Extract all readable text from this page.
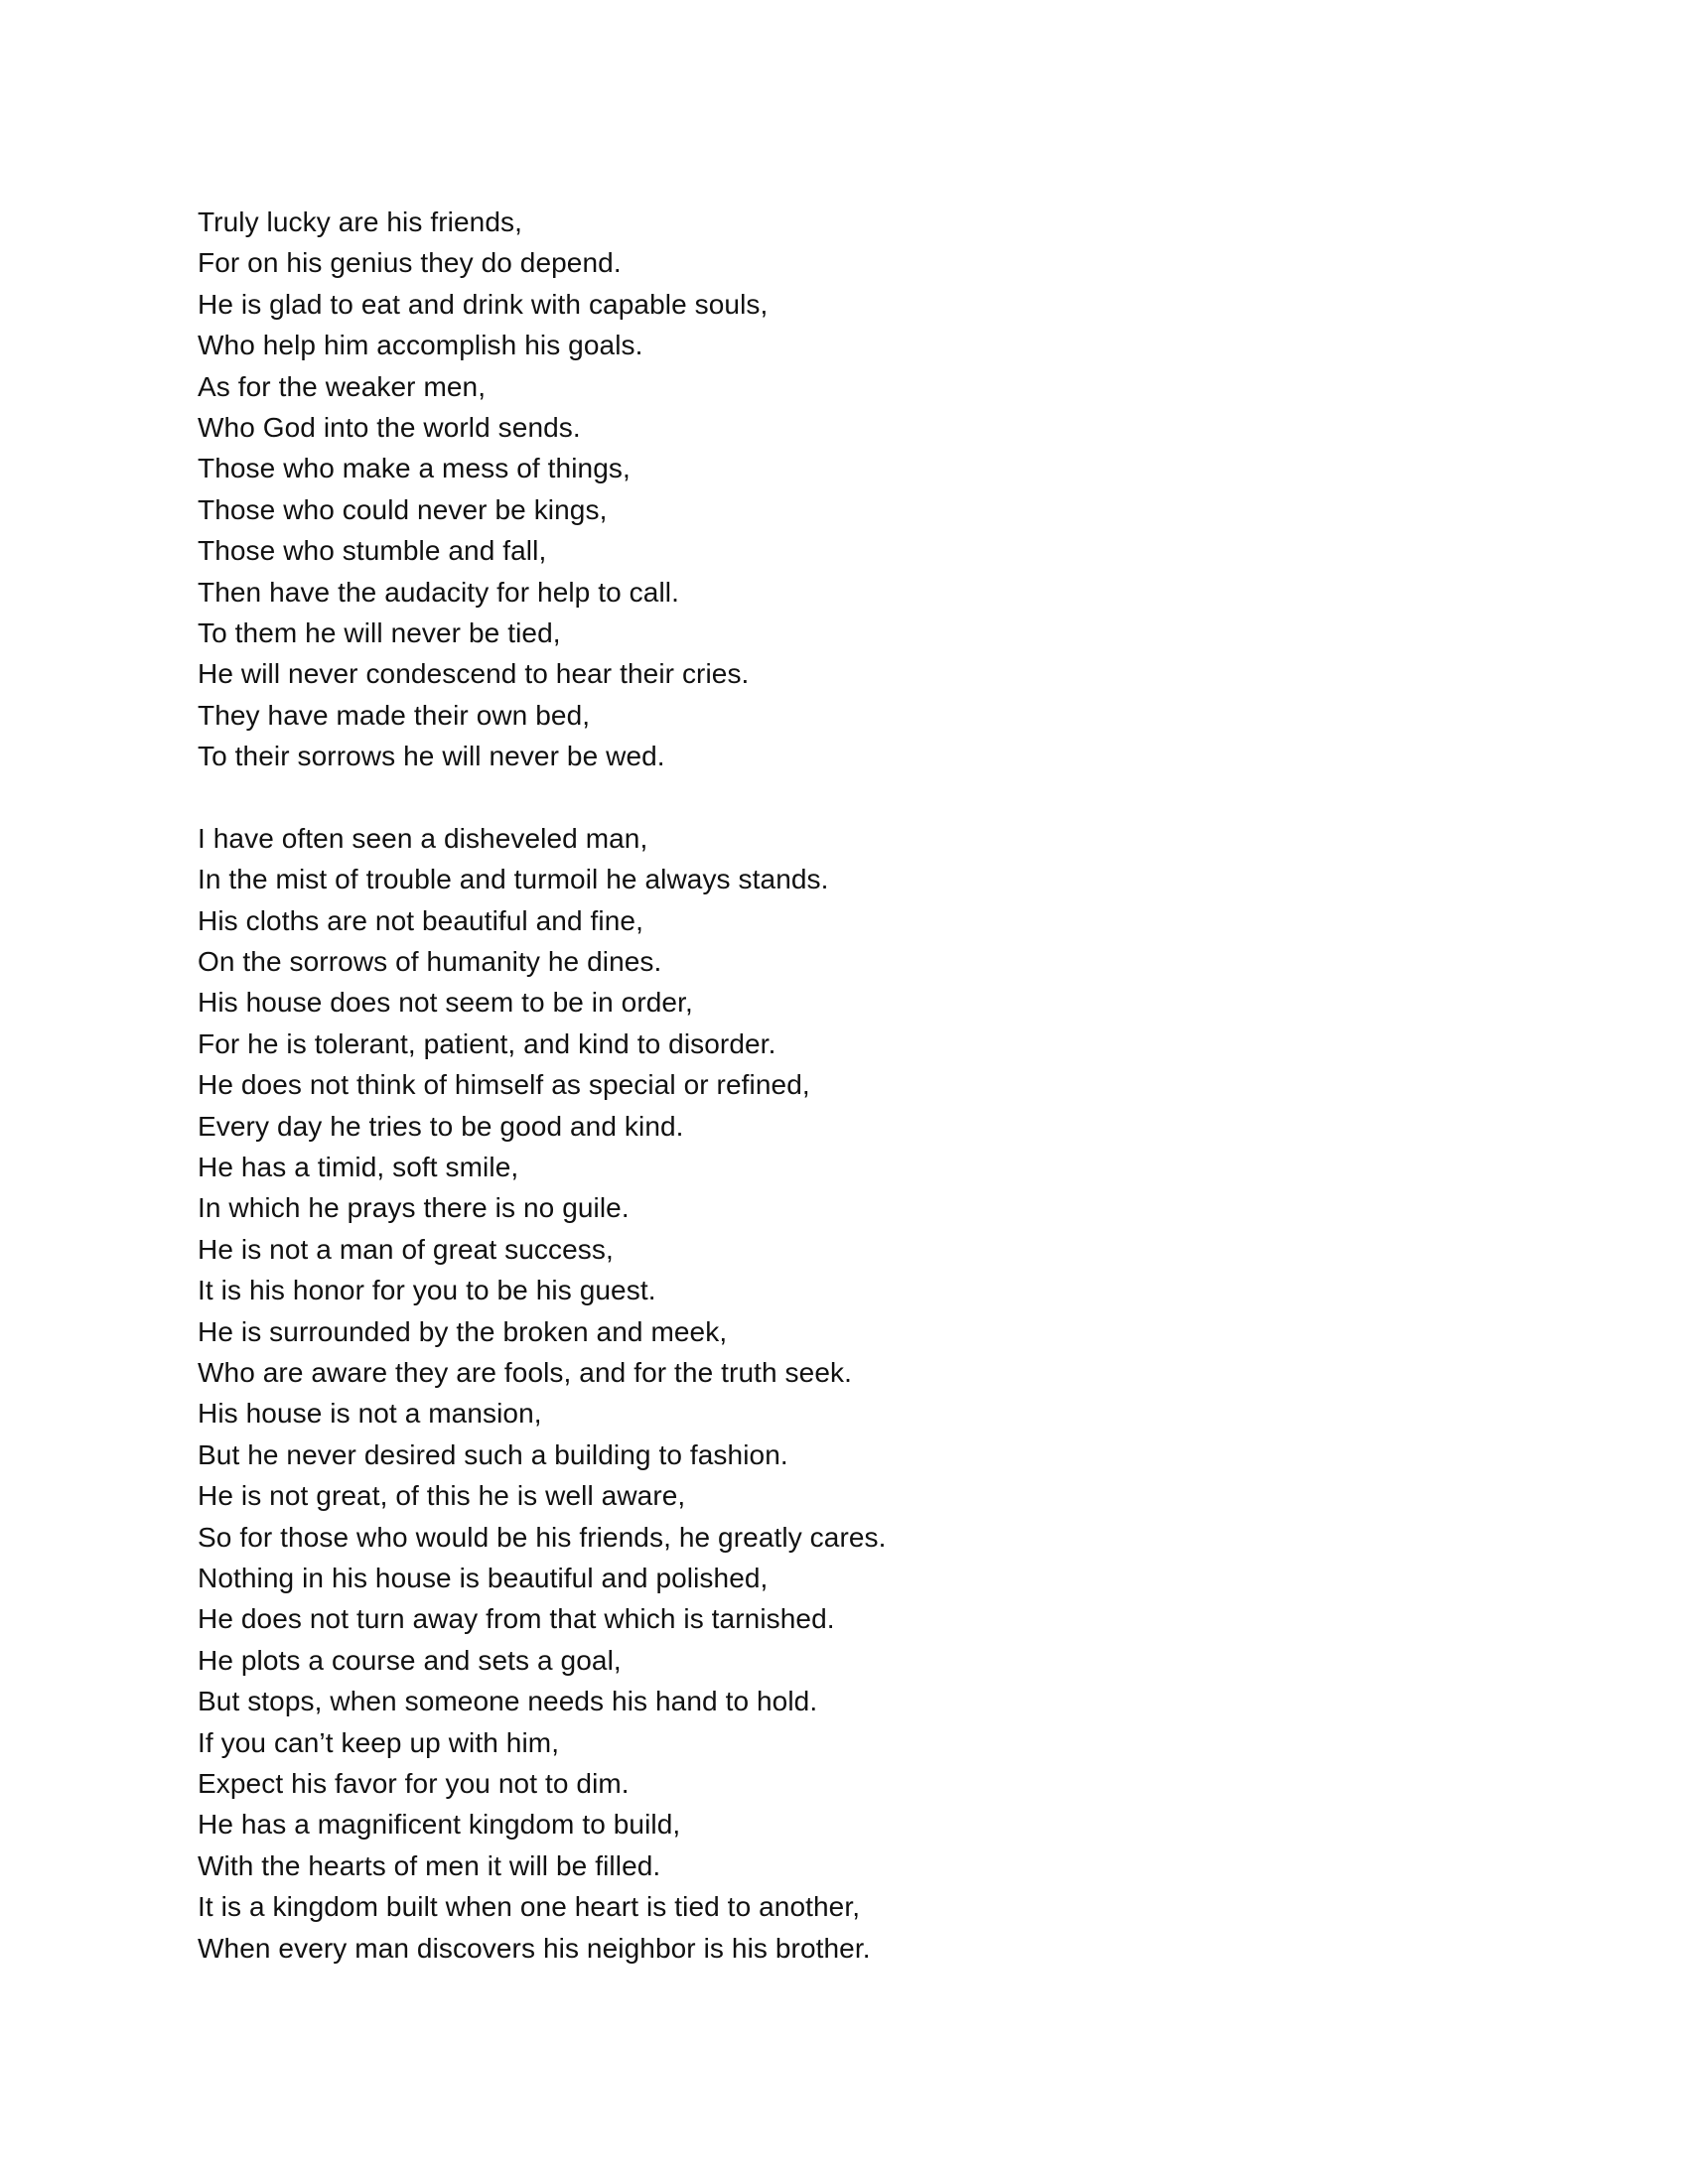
Truly lucky are his friends,
For on his genius they do depend.
He is glad to eat and drink with capable souls,
Who help him accomplish his goals.
As for the weaker men,
Who God into the world sends.
Those who make a mess of things,
Those who could never be kings,
Those who stumble and fall,
Then have the audacity for help to call.
To them he will never be tied,
He will never condescend to hear their cries.
They have made their own bed,
To their sorrows he will never be wed.
I have often seen a disheveled man,
In the mist of trouble and turmoil he always stands.
His cloths are not beautiful and fine,
On the sorrows of humanity he dines.
His house does not seem to be in order,
For he is tolerant, patient, and kind to disorder.
He does not think of himself as special or refined,
Every day he tries to be good and kind.
He has a timid, soft smile,
In which he prays there is no guile.
He is not a man of great success,
It is his honor for you to be his guest.
He is surrounded by the broken and meek,
Who are aware they are fools, and for the truth seek.
His house is not a mansion,
But he never desired such a building to fashion.
He is not great, of this he is well aware,
So for those who would be his friends, he greatly cares.
Nothing in his house is beautiful and polished,
He does not turn away from that which is tarnished.
He plots a course and sets a goal,
But stops, when someone needs his hand to hold.
If you can’t keep up with him,
Expect his favor for you not to dim.
He has a magnificent kingdom to build,
With the hearts of men it will be filled.
It is a kingdom built when one heart is tied to another,
When every man discovers his neighbor is his brother.
